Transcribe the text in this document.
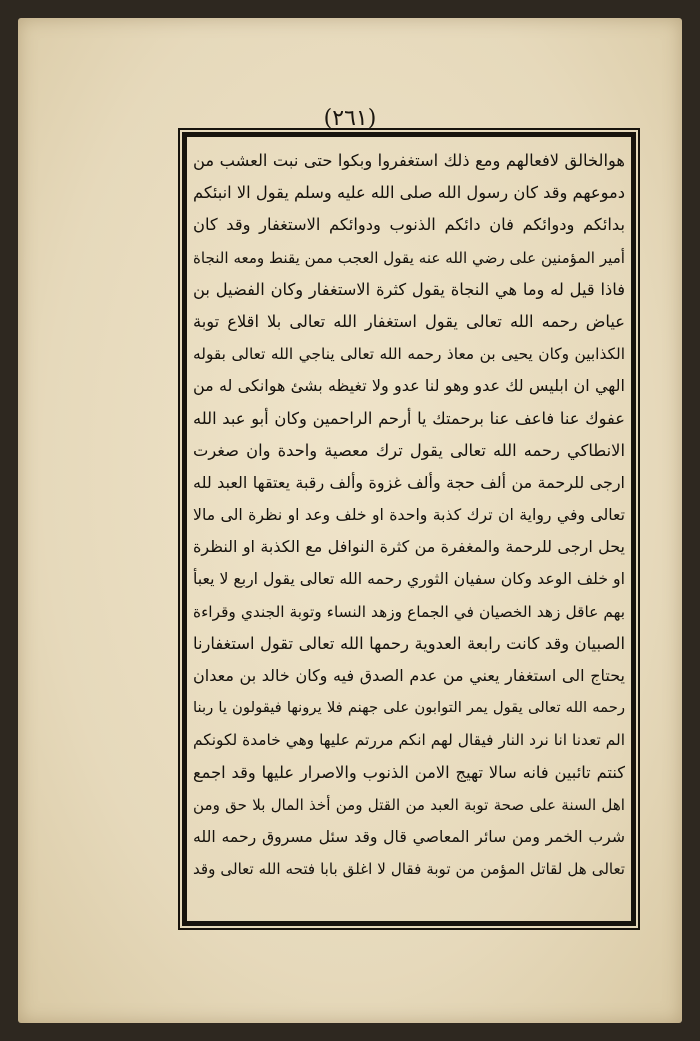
(٢٦١)
هوالخالق لافعالهم ومع ذلك استغفروا وبكوا حتى نبت العشب من
دموعهم وقد كان رسول الله صلى الله عليه وسلم يقول الا انبئكم
بدائكم ودوائكم فان دائكم الذنوب ودوائكم الاستغفار وقد كان
أمير المؤمنين على رضي الله عنه يقول العجب ممن يقنط ومعه النجاة
فاذا قيل له وما هي النجاة يقول كثرة الاستغفار وكان الفضيل بن
عياض رحمه الله تعالى يقول استغفار الله تعالى بلا اقلاع توبة
الكذابين وكان يحيى بن معاذ رحمه الله تعالى يناجي الله تعالى بقوله
الهي ان ابليس لك عدو وهو لنا عدو ولا تغيظه بشئ هوانكى له من
عفوك عنا فاعف عنا برحمتك يا أرحم الراحمين وكان أبو عبد الله
الانطاكي رحمه الله تعالى يقول ترك معصية واحدة وان صغرت
ارجى للرحمة من ألف حجة وألف غزوة وألف رقبة يعتقها العبد لله
تعالى وفي رواية ان ترك كذبة واحدة او خلف وعد او نظرة الى مالا
يحل ارجى للرحمة والمغفرة من كثرة النوافل مع الكذبة او النظرة
او خلف الوعد وكان سفيان الثوري رحمه الله تعالى يقول اربع لا يعبأ
بهم عاقل زهد الخصيان في الجماع وزهد النساء وتوبة الجندي وقراءة
الصبيان وقد كانت رابعة العدوية رحمها الله تعالى تقول استغفارنا
يحتاج الى استغفار يعني من عدم الصدق فيه وكان خالد بن معدان
رحمه الله تعالى يقول يمر التوابون على جهنم فلا يرونها فيقولون يا ربنا
الم تعدنا انا نرد النار فيقال لهم انكم مررتم عليها وهي خامدة لكونكم
كنتم تائبين فانه سالا تهيج الامن الذنوب والاصرار عليها وقد اجمع
اهل السنة على صحة توبة العبد من القتل ومن أخذ المال بلا حق ومن
شرب الخمر ومن سائر المعاصي قال وقد سئل مسروق رحمه الله
تعالى هل لقاتل المؤمن من توبة فقال لا اغلق بابا فتحه الله تعالى وقد
